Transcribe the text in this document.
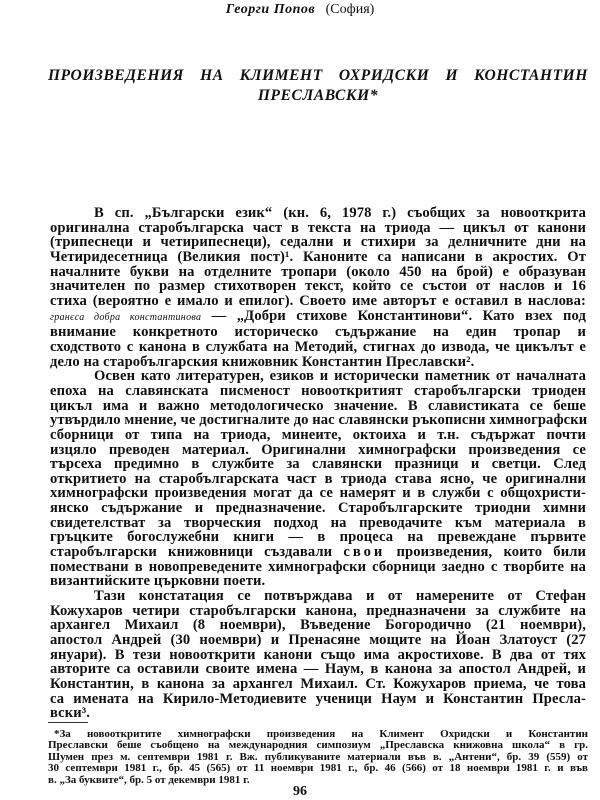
Георги Попов (София)
ПРОИЗВЕДЕНИЯ НА КЛИМЕНТ ОХРИДСКИ И КОНСТАНТИН
ПРЕСЛАВСКИ*
В сп. „Български език“ (кн. 6, 1978 г.) съобщих за новооткрита
оригинална старобългарска част в текста на триода — цикъл от канони
(трипеснеци и четирипеснеци), седални и стихири за делничните дни на
Четиридесетница (Великия пост)¹. Каноните са написани в акростих. От
началните букви на отделните тропари (около 450 на брой) е образуван
значителен по размер стихотворен текст, който се състои от наслов и 16
стиха (вероятно е имало и епилог). Своето име авторът е оставил в наслова:
гранєса добра константинова — „Добри стихове Константинови“. Като взех под
внимание конкретното историческо съдържание на един тропар и
сходството с канона в службата на Методий, стигнах до извода, че цикълът е
дело на старобългарския книжовник Константин Преславски².
Освен като литературен, езиков и исторически паметник от началната
епоха на славянската писменост новооткритият старобългарски триоден
цикъл има и важно методологическо значение. В славистиката се беше
утвърдило мнение, че достигналите до нас славянски ръкописни химнографски
сборници от типа на триода, минеите, октоиха и т.н. съдържат почти
изцяло преводен материал. Оригинални химнографски произведения се
търсеха предимно в службите за славянски празници и светци. След
откритието на старобългарската част в триода става ясно, че оригинални
химнографски произведения могат да се намерят и в служби с общохристи-
янско съдържание и предназначение. Старобългарските триодни химни
свидетелстват за творческия подход на преводачите към материала в
гръцките богослужебни книги — в процеса на превеждане първите
старобългарски книжовници създавали свои произведения, които били
помествани в новопреведените химнографски сборници заедно с творбите на
византийските църковни поети.
Тази констатация се потвърждава и от намерените от Стефан
Кожухаров четири старобългарски канона, предназначени за службите на
архангел Михаил (8 ноември), Въведение Богородично (21 ноември),
апостол Андрей (30 ноември) и Пренасяне мощите на Йоан Златоуст (27
януари). В тези новооткрити канони също има акростихове. В два от тях
авторите са оставили своите имена — Наум, в канона за апостол Андрей, и
Константин, в канона за архангел Михаил. Ст. Кожухаров приема, че това
са имената на Кирило-Методиевите ученици Наум и Константин Пресла-
вски³.
*За новооткритите химнографски произведения на Климент Охридски и Константин
Преславски беше съобщено на международния симпозиум „Преславска книжовна школа“ в гр.
Шумен през м. септември 1981 г. Вж. публикуваните материали във в. „Антени“, бр. 39 (559) от
30 септември 1981 г., бр. 45 (565) от 11 ноември 1981 г., бр. 46 (566) от 18 ноември 1981 г. и във
в. „За буквите“, бр. 5 от декември 1981 г.
96
